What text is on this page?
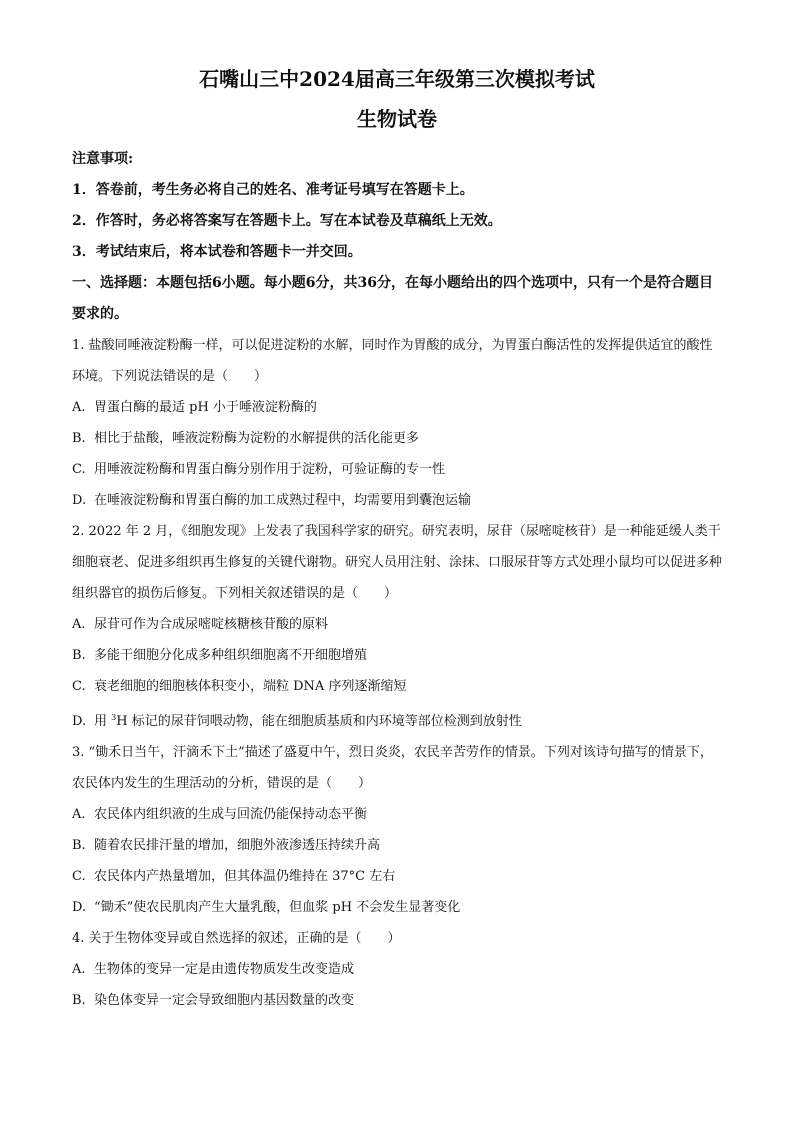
石嘴山三中2024届高三年级第三次模拟考试
生物试卷

注意事项:

1．答卷前，考生务必将自己的姓名、准考证号填写在答题卡上。

2．作答时，务必将答案写在答题卡上。写在本试卷及草稿纸上无效。

3．考试结束后，将本试卷和答题卡一并交回。

一、选择题：本题包括6小题。每小题6分，共36分，在每小题给出的四个选项中，只有一个是符合题目要求的。

1. 盐酸同唾液淀粉酶一样，可以促进淀粉的水解，同时作为胃酸的成分，为胃蛋白酶活性的发挥提供适宜的酸性环境。下列说法错误的是（　　）

A. 胃蛋白酶的最适 pH 小于唾液淀粉酶的

B. 相比于盐酸，唾液淀粉酶为淀粉的水解提供的活化能更多

C. 用唾液淀粉酶和胃蛋白酶分别作用于淀粉，可验证酶的专一性

D. 在唾液淀粉酶和胃蛋白酶的加工成熟过程中，均需要用到囊泡运输

2. 2022 年 2 月，《细胞发现》上发表了我国科学家的研究。研究表明，尿苷（尿嘧啶核苷）是一种能延缓人类干细胞衰老、促进多组织再生修复的关键代谢物。研究人员用注射、涂抹、口服尿苷等方式处理小鼠均可以促进多种组织器官的损伤后修复。下列相关叙述错误的是（　　）

A. 尿苷可作为合成尿嘧啶核糖核苷酸的原料

B. 多能干细胞分化成多种组织细胞离不开细胞增殖

C. 衰老细胞的细胞核体积变小，端粒 DNA 序列逐渐缩短

D. 用 $^3$H 标记的尿苷饲喂动物，能在细胞质基质和内环境等部位检测到放射性

3. “锄禾日当午，汗滴禾下土”描述了盛夏中午，烈日炎炎，农民辛苦劳作的情景。下列对该诗句描写的情景下，农民体内发生的生理活动的分析，错误的是（　　）

A. 农民体内组织液的生成与回流仍能保持动态平衡

B. 随着农民排汗量的增加，细胞外液渗透压持续升高

C. 农民体内产热量增加，但其体温仍维持在 37°C 左右

D. “锄禾”使农民肌肉产生大量乳酸，但血浆 pH 不会发生显著变化

4. 关于生物体变异或自然选择的叙述，正确的是（　　）

A. 生物体的变异一定是由遗传物质发生改变造成

B. 染色体变异一定会导致细胞内基因数量的改变
